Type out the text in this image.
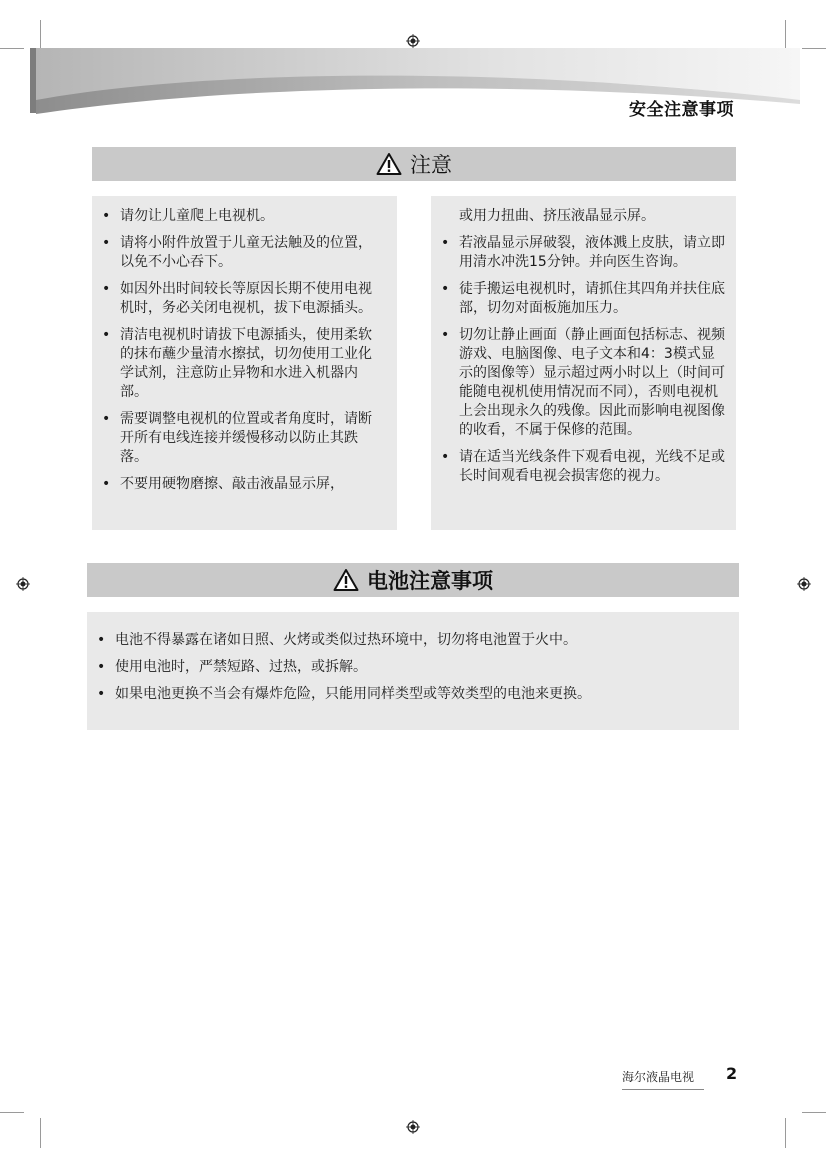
安全注意事项
注意
• 请勿让儿童爬上电视机。
• 请将小附件放置于儿童无法触及的位置，以免不小心吞下。
• 如因外出时间较长等原因长期不使用电视机时，务必关闭电视机，拔下电源插头。
• 清洁电视机时请拔下电源插头，使用柔软的抹布蘸少量清水擦拭，切勿使用工业化学试剂，注意防止异物和水进入机器内部。
• 需要调整电视机的位置或者角度时，请断开所有电线连接并缓慢移动以防止其跌落。
• 不要用硬物磨擦、敲击液晶显示屏，
或用力扭曲、挤压液晶显示屏。
• 若液晶显示屏破裂，液体溅上皮肤，请立即用清水冲洗15分钟。并向医生咨询。
• 徒手搬运电视机时，请抓住其四角并扶住底部，切勿对面板施加压力。
• 切勿让静止画面（静止画面包括标志、视频游戏、电脑图像、电子文本和4：3模式显示的图像等）显示超过两小时以上（时间可能随电视机使用情况而不同），否则电视机上会出现永久的残像。因此而影响电视图像的收看，不属于保修的范围。
• 请在适当光线条件下观看电视，光线不足或长时间观看电视会损害您的视力。
电池注意事项
• 电池不得暴露在诸如日照、火烤或类似过热环境中，切勿将电池置于火中。
• 使用电池时，严禁短路、过热，或拆解。
• 如果电池更换不当会有爆炸危险，只能用同样类型或等效类型的电池来更换。
海尔液晶电视	2
